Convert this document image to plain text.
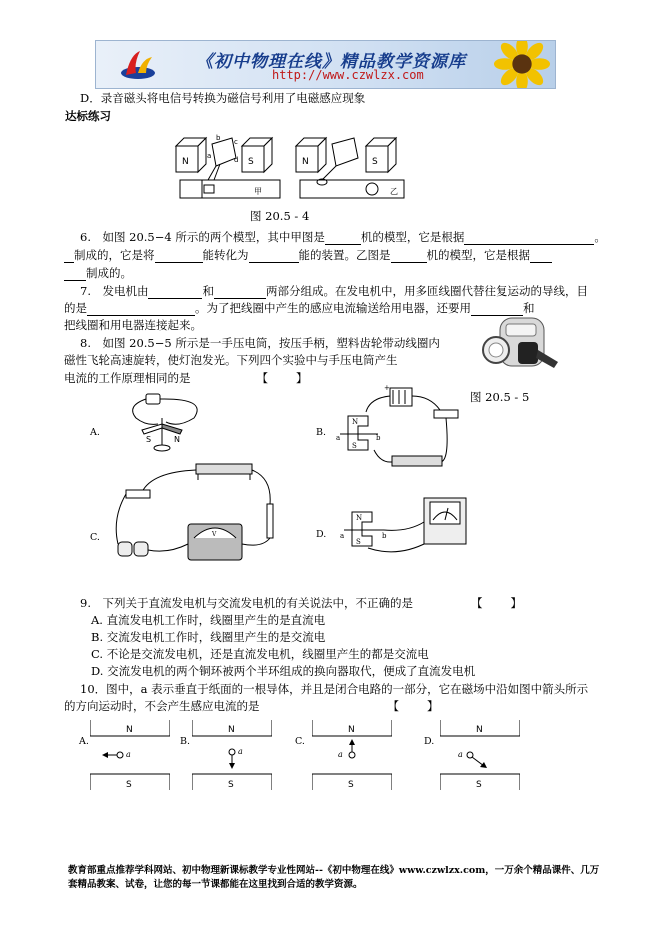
《初中物理在线》精品教学资源库
http://www.czwlzx.com
D．录音磁头将电信号转换为磁信号利用了电磁感应现象
达标练习
N	S
b c
a	d
甲
N	S
乙
图 20.5 - 4
6.　如图 20.5−4 所示的两个模型，其中甲图是	机的模型，它是根据	。
制成的，它是将	能转化为	能的装置。乙图是	机的模型，它是根据
制成的。
7.　发电机由	和	两部分组成。在发电机中，用多匝线圈代替往复运动的导线，目
的是	。为了把线圈中产生的感应电流输送给用电器，还要用	和
把线圈和用电器连接起来。
8.　如图 20.5−5 所示是一手压电筒，按压手柄，塑料齿轮带动线圈内
磁性飞轮高速旋转，使灯泡发光。下列四个实验中与手压电筒产生
电流的工作原理相同的是	【 】
图 20.5 - 5
A.
S	N
B.
+
N
S
a	b
C.	V	D.
N
S
a	b
9.　下列关于直流发电机与交流发电机的有关说法中，不正确的是	【 】
A. 直流发电机工作时，线圈里产生的是直流电
B. 交流发电机工作时，线圈里产生的是交流电
C. 不论是交流发电机，还是直流发电机，线圈里产生的都是交流电
D. 交流发电机的两个铜环被两个半环组成的换向器取代，便成了直流发电机
10．图中，a 表示垂直于纸面的一根导体，并且是闭合电路的一部分，它在磁场中沿如图中箭头所示
的方向运动时，不会产生感应电流的是	【 】
A.
N
S
a
B.
N
S
a
C.
N
S
a
D.
N
S
a
教育部重点推荐学科网站、初中物理新课标教学专业性网站--《初中物理在线》www.czwlzx.com，一万余个精品课件、几万套精品教案、试卷，让您的每一节课都能在这里找到合适的教学资源。
